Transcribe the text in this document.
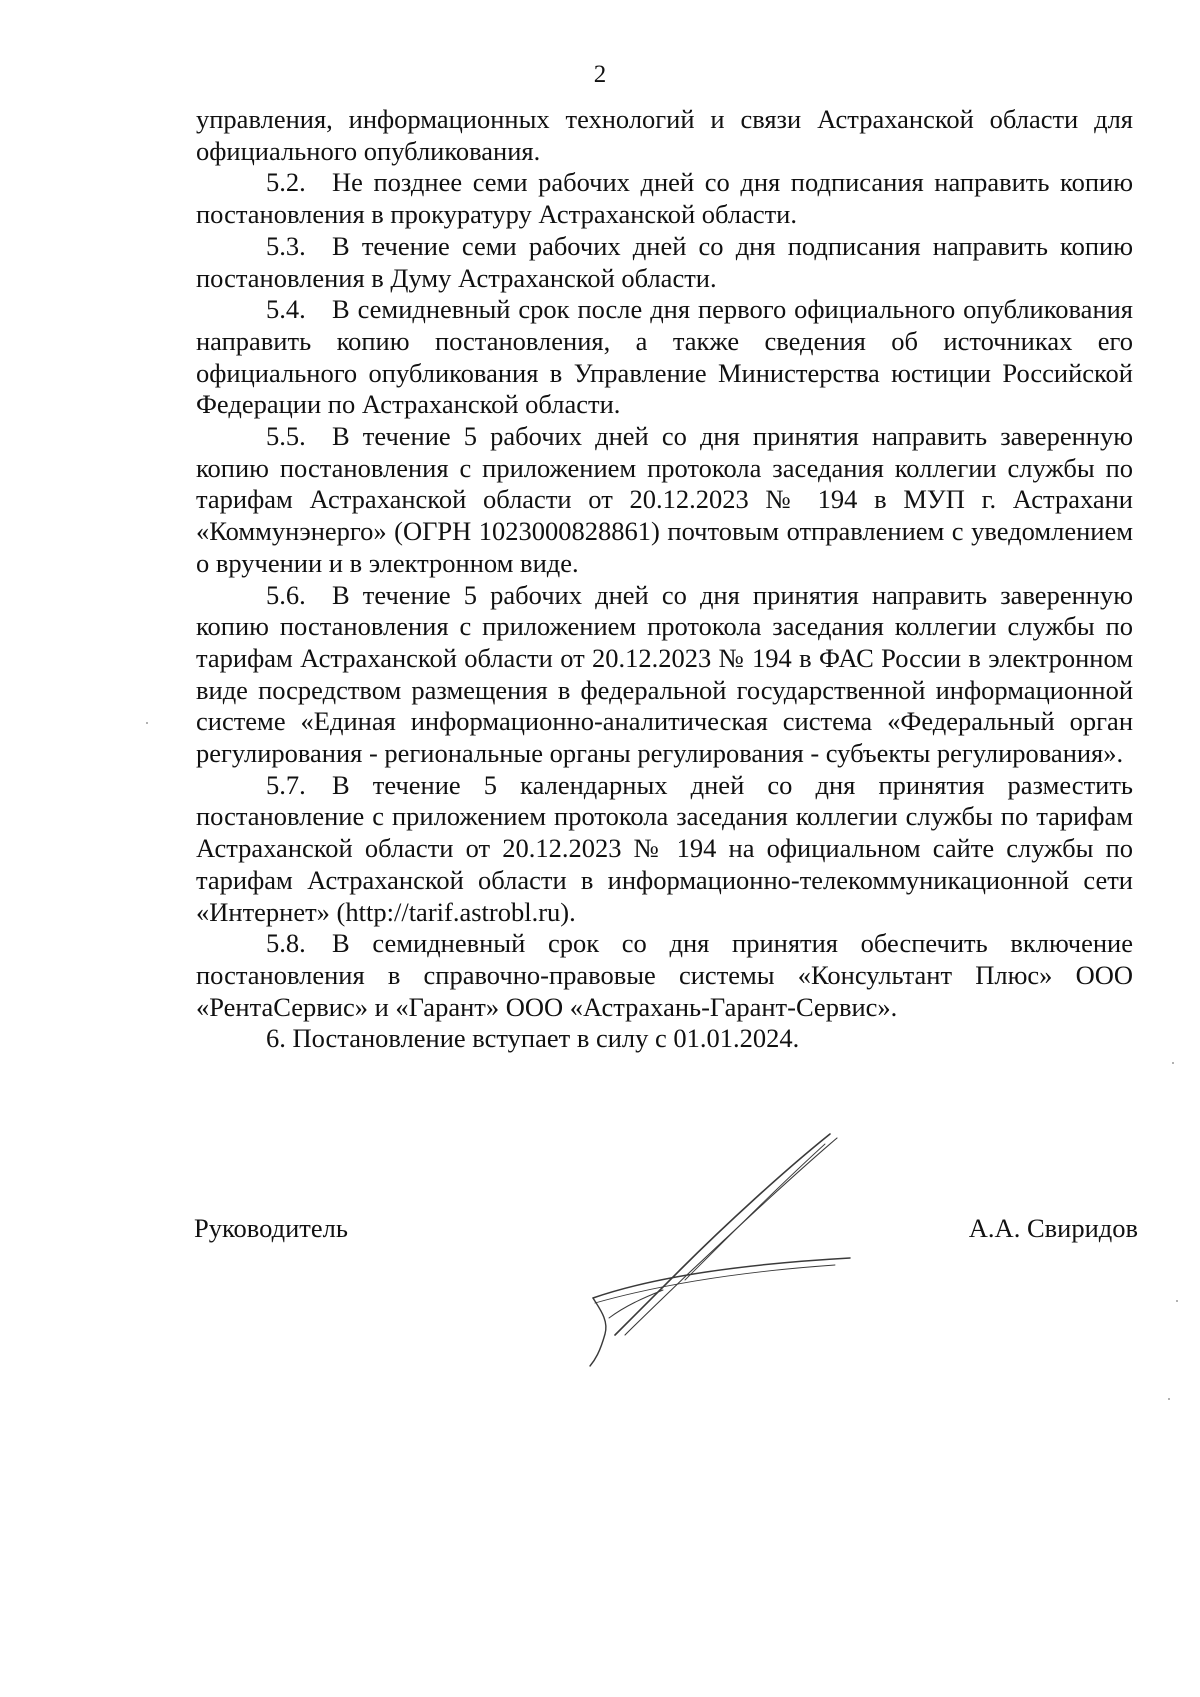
2

управления, информационных технологий и связи Астраханской области для официального опубликования.

5.2. Не позднее семи рабочих дней со дня подписания направить копию постановления в прокуратуру Астраханской области.

5.3. В течение семи рабочих дней со дня подписания направить копию постановления в Думу Астраханской области.

5.4. В семидневный срок после дня первого официального опубликования направить копию постановления, а также сведения об источниках его официального опубликования в Управление Министерства юстиции Российской Федерации по Астраханской области.

5.5. В течение 5 рабочих дней со дня принятия направить заверенную копию постановления с приложением протокола заседания коллегии службы по тарифам Астраханской области от 20.12.2023 № 194 в МУП г. Астрахани «Коммунэнерго» (ОГРН 1023000828861) почтовым отправлением с уведомлением о вручении и в электронном виде.

5.6. В течение 5 рабочих дней со дня принятия направить заверенную копию постановления с приложением протокола заседания коллегии службы по тарифам Астраханской области от 20.12.2023 № 194 в ФАС России в электронном виде посредством размещения в федеральной государственной информационной системе «Единая информационно-аналитическая система «Федеральный орган регулирования - региональные органы регулирования - субъекты регулирования».

5.7. В течение 5 календарных дней со дня принятия разместить постановление с приложением протокола заседания коллегии службы по тарифам Астраханской области от 20.12.2023 № 194 на официальном сайте службы по тарифам Астраханской области в информационно-телекоммуникационной сети «Интернет» (http://tarif.astrobl.ru).

5.8. В семидневный срок со дня принятия обеспечить включение постановления в справочно-правовые системы «Консультант Плюс» ООО «РентаСервис» и «Гарант» ООО «Астрахань-Гарант-Сервис».

6. Постановление вступает в силу с 01.01.2024.

Руководитель	А.А. Свиридов
